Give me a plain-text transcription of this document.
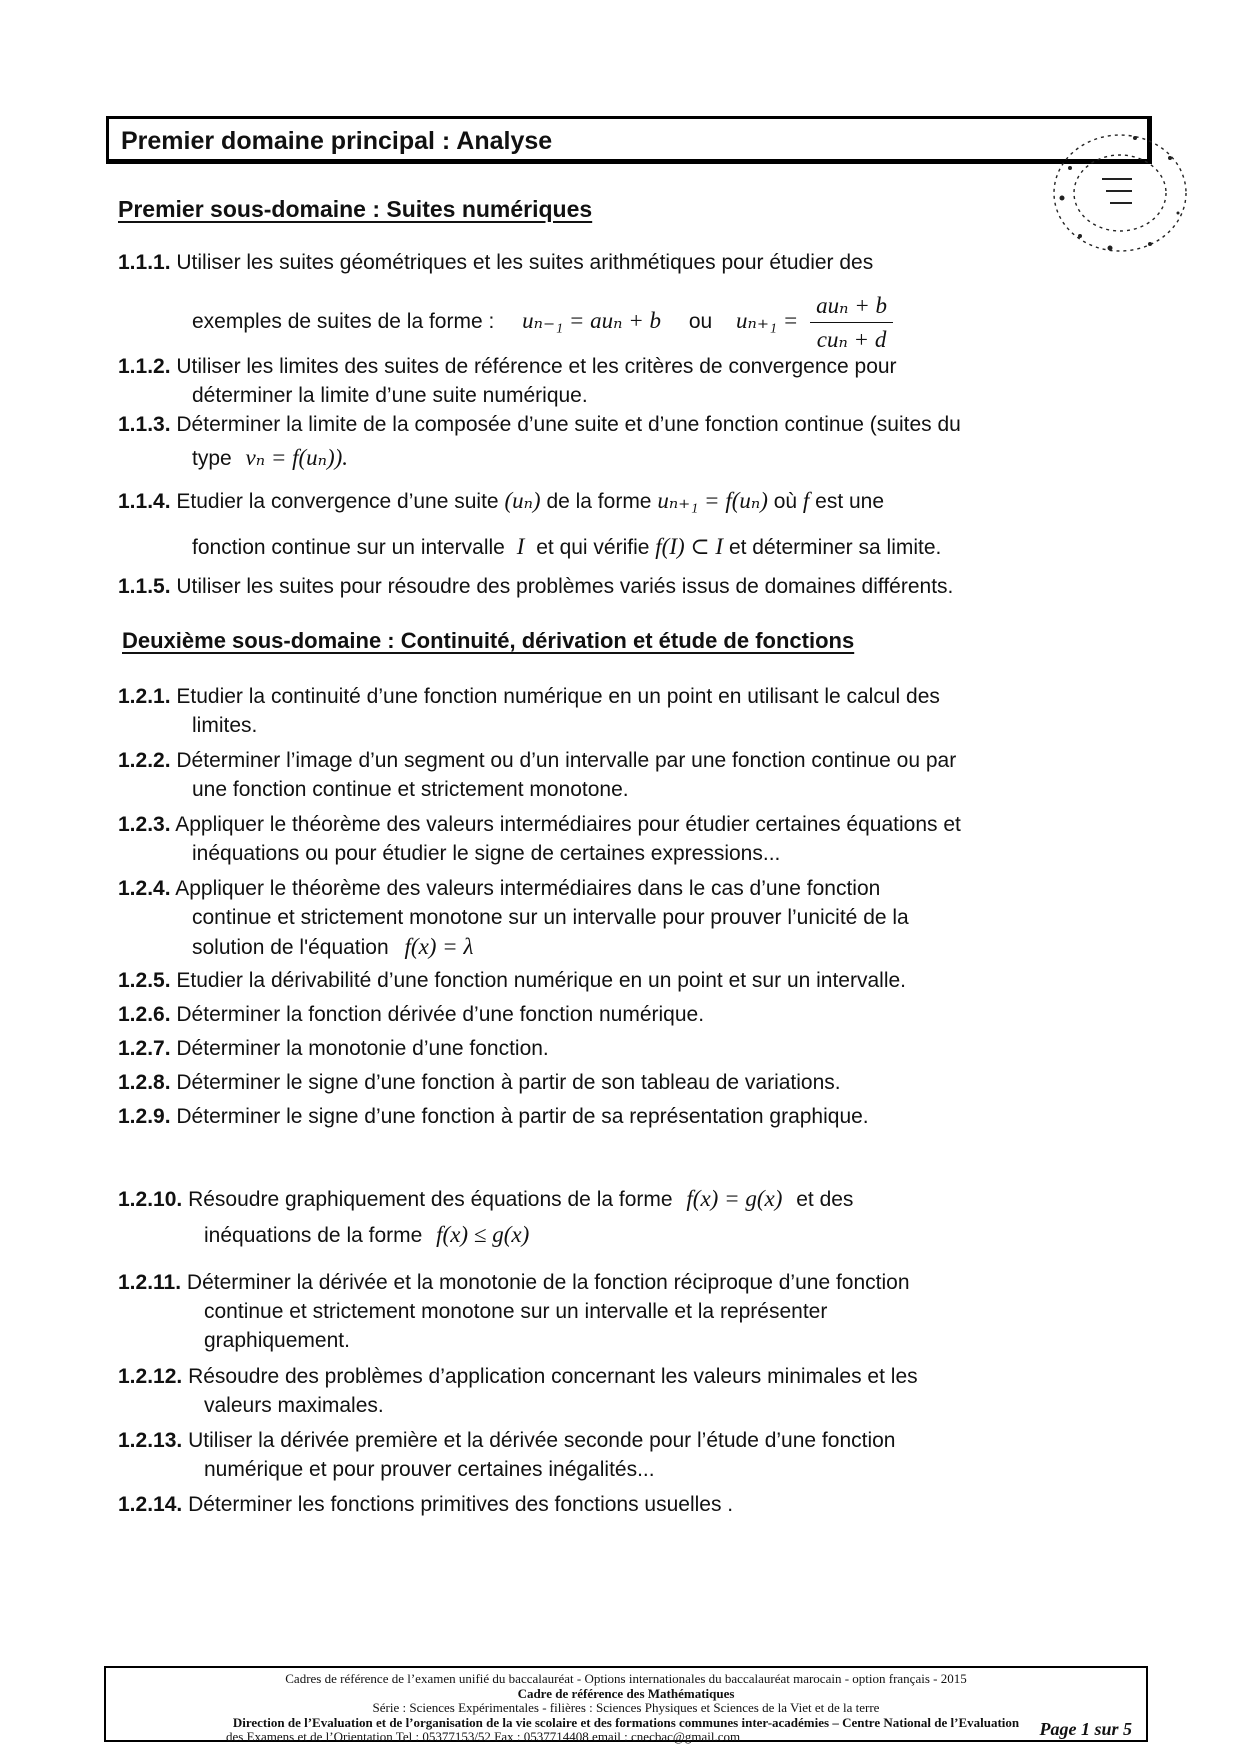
Premier domaine principal : Analyse
Premier sous-domaine : Suites numériques
1.1.1. Utiliser les suites géométriques et les suites arithmétiques pour étudier des
exemples de suites de la forme : uₙ₋₁ = auₙ + b ou $u_{n+1} = \frac{\text{auₙ + b}}{\text{cuₙ + d}}$
1.1.2. Utiliser les limites des suites de référence et les critères de convergence pour
déterminer la limite d’une suite numérique.
1.1.3. Déterminer la limite de la composée d’une suite et d’une fonction continue (suites du
type vₙ = f(uₙ)).
1.1.4. Etudier la convergence d’une suite (uₙ) de la forme uₙ₊₁ = f(uₙ) où f est une
fonction continue sur un intervalle I et qui vérifie f(I) ⊂ I et déterminer sa limite.
1.1.5. Utiliser les suites pour résoudre des problèmes variés issus de domaines différents.
Deuxième sous-domaine : Continuité, dérivation et étude de fonctions
1.2.1. Etudier la continuité d’une fonction numérique en un point en utilisant le calcul des
limites.
1.2.2. Déterminer l’image d’un segment ou d’un intervalle par une fonction continue ou par
une fonction continue et strictement monotone.
1.2.3. Appliquer le théorème des valeurs intermédiaires pour étudier certaines équations et
inéquations ou pour étudier le signe de certaines expressions...
1.2.4. Appliquer le théorème des valeurs intermédiaires dans le cas d’une fonction
continue et strictement monotone sur un intervalle pour prouver l’unicité de la
solution de l'équation f(x) = λ
1.2.5. Etudier la dérivabilité d’une fonction numérique en un point et sur un intervalle.
1.2.6. Déterminer la fonction dérivée d’une fonction numérique.
1.2.7. Déterminer la monotonie d’une fonction.
1.2.8. Déterminer le signe d’une fonction à partir de son tableau de variations.
1.2.9. Déterminer le signe d’une fonction à partir de sa représentation graphique.
1.2.10. Résoudre graphiquement des équations de la forme f(x) = g(x) et des
inéquations de la forme f(x) ≤ g(x)
1.2.11. Déterminer la dérivée et la monotonie de la fonction réciproque d’une fonction
continue et strictement monotone sur un intervalle et la représenter
graphiquement.
1.2.12. Résoudre des problèmes d’application concernant les valeurs minimales et les
valeurs maximales.
1.2.13. Utiliser la dérivée première et la dérivée seconde pour l’étude d’une fonction
numérique et pour prouver certaines inégalités...
1.2.14. Déterminer les fonctions primitives des fonctions usuelles .
Cadres de référence de l’examen unifié du baccalauréat - Options internationales du baccalauréat marocain - option français - 2015
Cadre de référence des Mathématiques
Série : Sciences Expérimentales - filières : Sciences Physiques et Sciences de la Viet et de la terre
Direction de l’Evaluation et de l’organisation de la vie scolaire et des formations communes inter-académies – Centre National de l’Evaluation
des Examens et de l’Orientation Tel : 05377153/52 Fax : 0537714408 email : cnecbac@gmail.com	Page 1 sur 5
